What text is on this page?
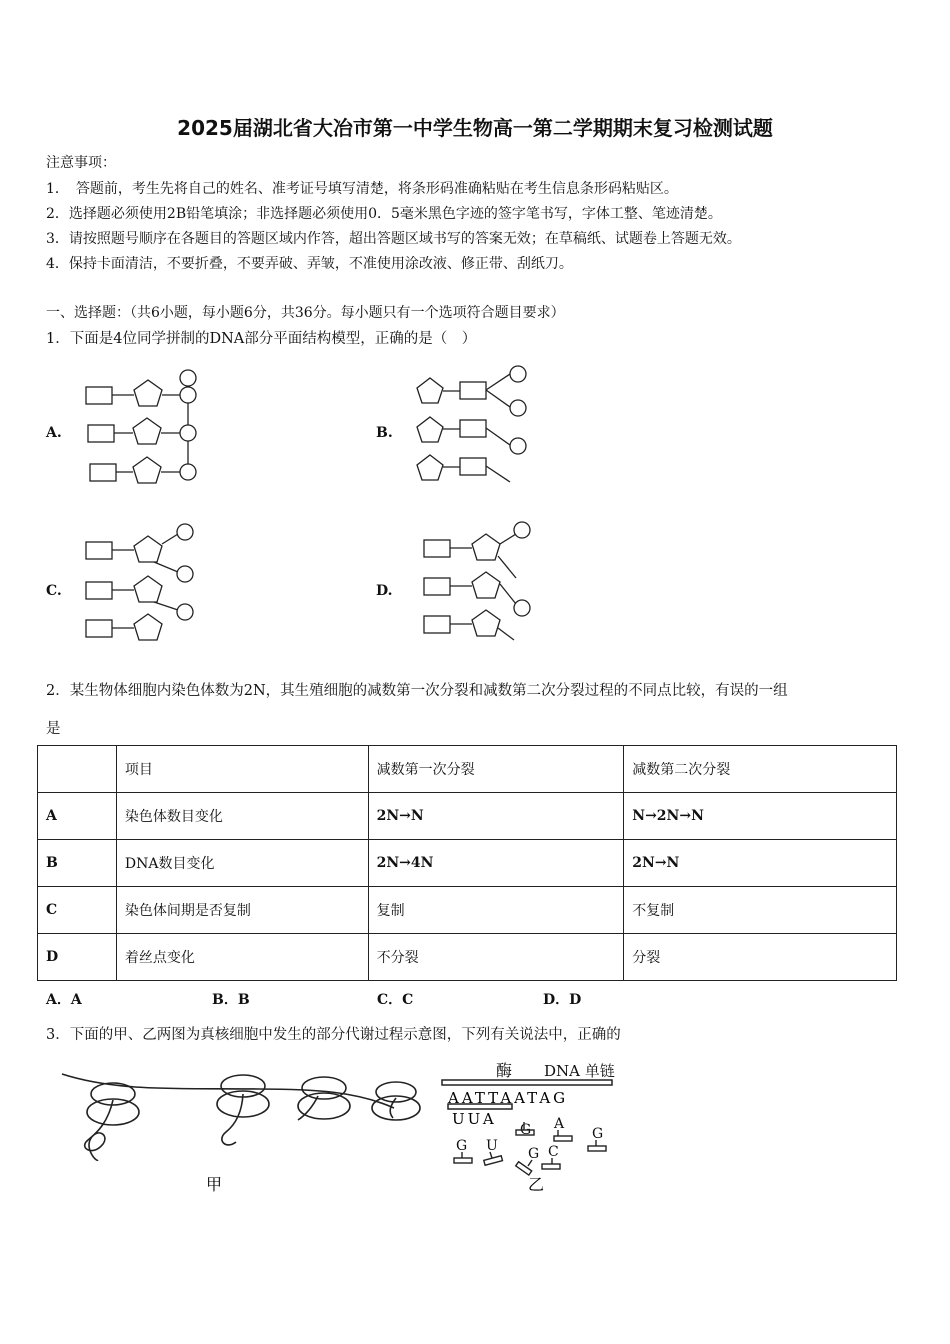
2025届湖北省大冶市第一中学生物高一第二学期期末复习检测试题
注意事项：
1．　答题前，考生先将自己的姓名、准考证号填写清楚，将条形码准确粘贴在考生信息条形码粘贴区。
2．选择题必须使用2B铅笔填涂；非选择题必须使用0．5毫米黑色字迹的签字笔书写，字体工整、笔迹清楚。
3．请按照题号顺序在各题目的答题区域内作答，超出答题区域书写的答案无效；在草稿纸、试题卷上答题无效。
4．保持卡面清洁，不要折叠，不要弄破、弄皱，不准使用涂改液、修正带、刮纸刀。
一、选择题：（共6小题，每小题6分，共36分。每小题只有一个选项符合题目要求）
1．下面是4位同学拼制的DNA部分平面结构模型，正确的是（　）
A.	B.
C.	D.
2．某生物体细胞内染色体数为2N，其生殖细胞的减数第一次分裂和减数第二次分裂过程的不同点比较，有误的一组
是
	项目	减数第一次分裂	减数第二次分裂
A	染色体数目变化	2N→N	N→2N→N
B	DNA数目变化	2N→4N	2N→N
C	染色体间期是否复制	复制	不复制
D	着丝点变化	不分裂	分裂
A．A	B．B	C．C	D．D
3．下面的甲、乙两图为真核细胞中发生的部分代谢过程示意图，下列有关说法中，正确的
甲
酶 DNA 单链
AATTAATAG
UUA
G A
G
G U G C
乙
